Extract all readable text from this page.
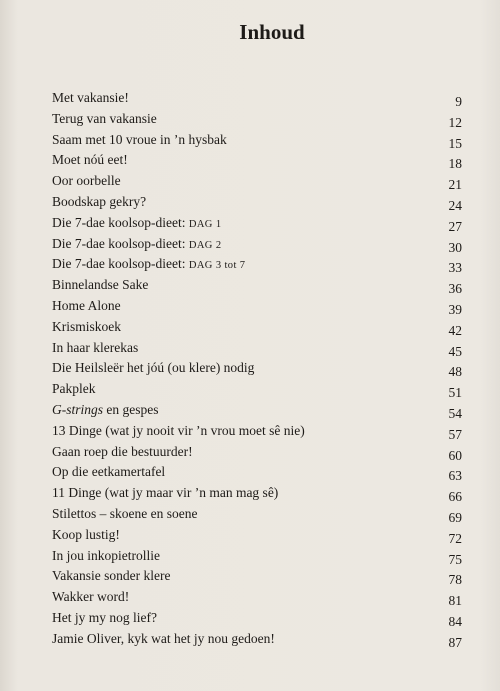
Inhoud
Met vakansie!	9
Terug van vakansie	12
Saam met 10 vroue in ’n hysbak	15
Moet nóú eet!	18
Oor oorbelle	21
Boodskap gekry?	24
Die 7-dae koolsop-dieet: DAG 1	27
Die 7-dae koolsop-dieet: DAG 2	30
Die 7-dae koolsop-dieet: DAG 3 tot 7	33
Binnelandse Sake	36
Home Alone	39
Krismiskoek	42
In haar klerekas	45
Die Heilsleër het jóú (ou klere) nodig	48
Pakplek	51
G-strings en gespes	54
13 Dinge (wat jy nooit vir ’n vrou moet sê nie)	57
Gaan roep die bestuurder!	60
Op die eetkamertafel	63
11 Dinge (wat jy maar vir ’n man mag sê)	66
Stilettos – skoene en soene	69
Koop lustig!	72
In jou inkopietrollie	75
Vakansie sonder klere	78
Wakker word!	81
Het jy my nog lief?	84
Jamie Oliver, kyk wat het jy nou gedoen!	87
